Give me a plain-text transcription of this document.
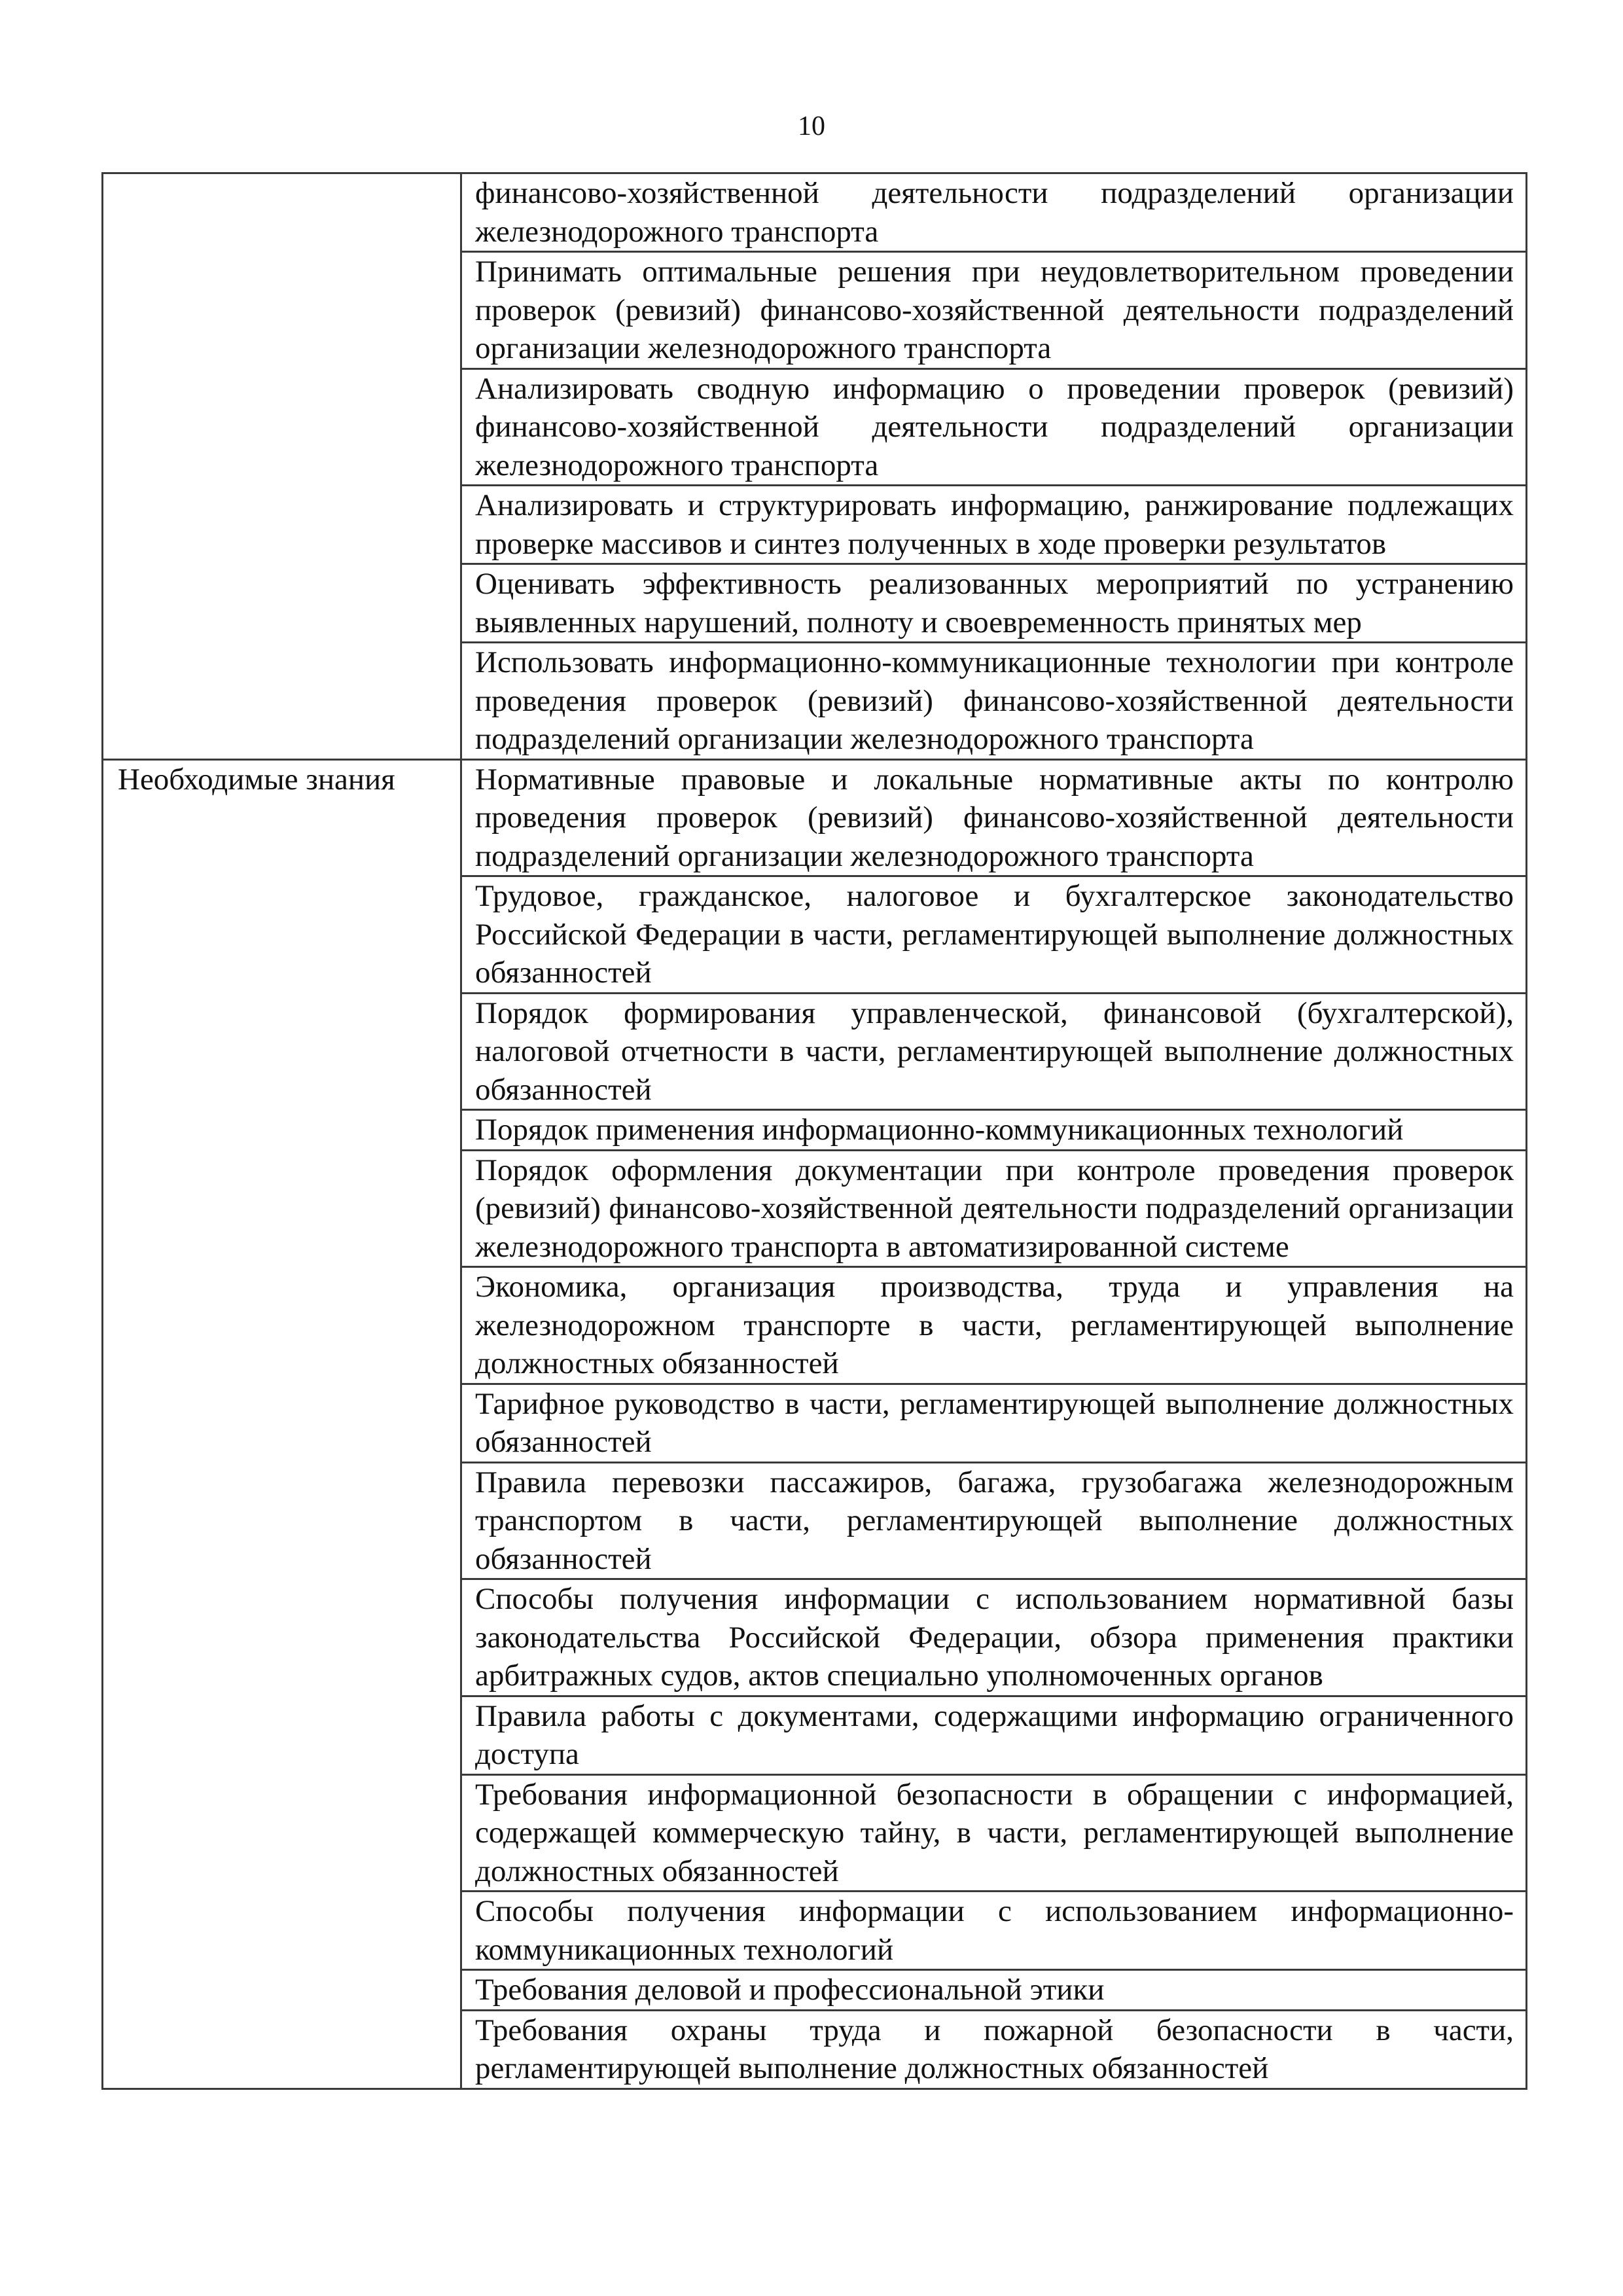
10
	финансово-хозяйственной деятельности подразделений организации железнодорожного транспорта
	Принимать оптимальные решения при неудовлетворительном проведении проверок (ревизий) финансово-хозяйственной деятельности подразделений организации железнодорожного транспорта
	Анализировать сводную информацию о проведении проверок (ревизий) финансово-хозяйственной деятельности подразделений организации железнодорожного транспорта
	Анализировать и структурировать информацию, ранжирование подлежащих проверке массивов и синтез полученных в ходе проверки результатов
	Оценивать эффективность реализованных мероприятий по устранению выявленных нарушений, полноту и своевременность принятых мер
	Использовать информационно-коммуникационные технологии при контроле проведения проверок (ревизий) финансово-хозяйственной деятельности подразделений организации железнодорожного транспорта
Необходимые знания	Нормативные правовые и локальные нормативные акты по контролю проведения проверок (ревизий) финансово-хозяйственной деятельности подразделений организации железнодорожного транспорта
	Трудовое, гражданское, налоговое и бухгалтерское законодательство Российской Федерации в части, регламентирующей выполнение должностных обязанностей
	Порядок формирования управленческой, финансовой (бухгалтерской), налоговой отчетности в части, регламентирующей выполнение должностных обязанностей
	Порядок применения информационно-коммуникационных технологий
	Порядок оформления документации при контроле проведения проверок (ревизий) финансово-хозяйственной деятельности подразделений организации железнодорожного транспорта в автоматизированной системе
	Экономика, организация производства, труда и управления на железнодорожном транспорте в части, регламентирующей выполнение должностных обязанностей
	Тарифное руководство в части, регламентирующей выполнение должностных обязанностей
	Правила перевозки пассажиров, багажа, грузобагажа железнодорожным транспортом в части, регламентирующей выполнение должностных обязанностей
	Способы получения информации с использованием нормативной базы законодательства Российской Федерации, обзора применения практики арбитражных судов, актов специально уполномоченных органов
	Правила работы с документами, содержащими информацию ограниченного доступа
	Требования информационной безопасности в обращении с информацией, содержащей коммерческую тайну, в части, регламентирующей выполнение должностных обязанностей
	Способы получения информации с использованием информационно-коммуникационных технологий
	Требования деловой и профессиональной этики
	Требования охраны труда и пожарной безопасности в части, регламентирующей выполнение должностных обязанностей
